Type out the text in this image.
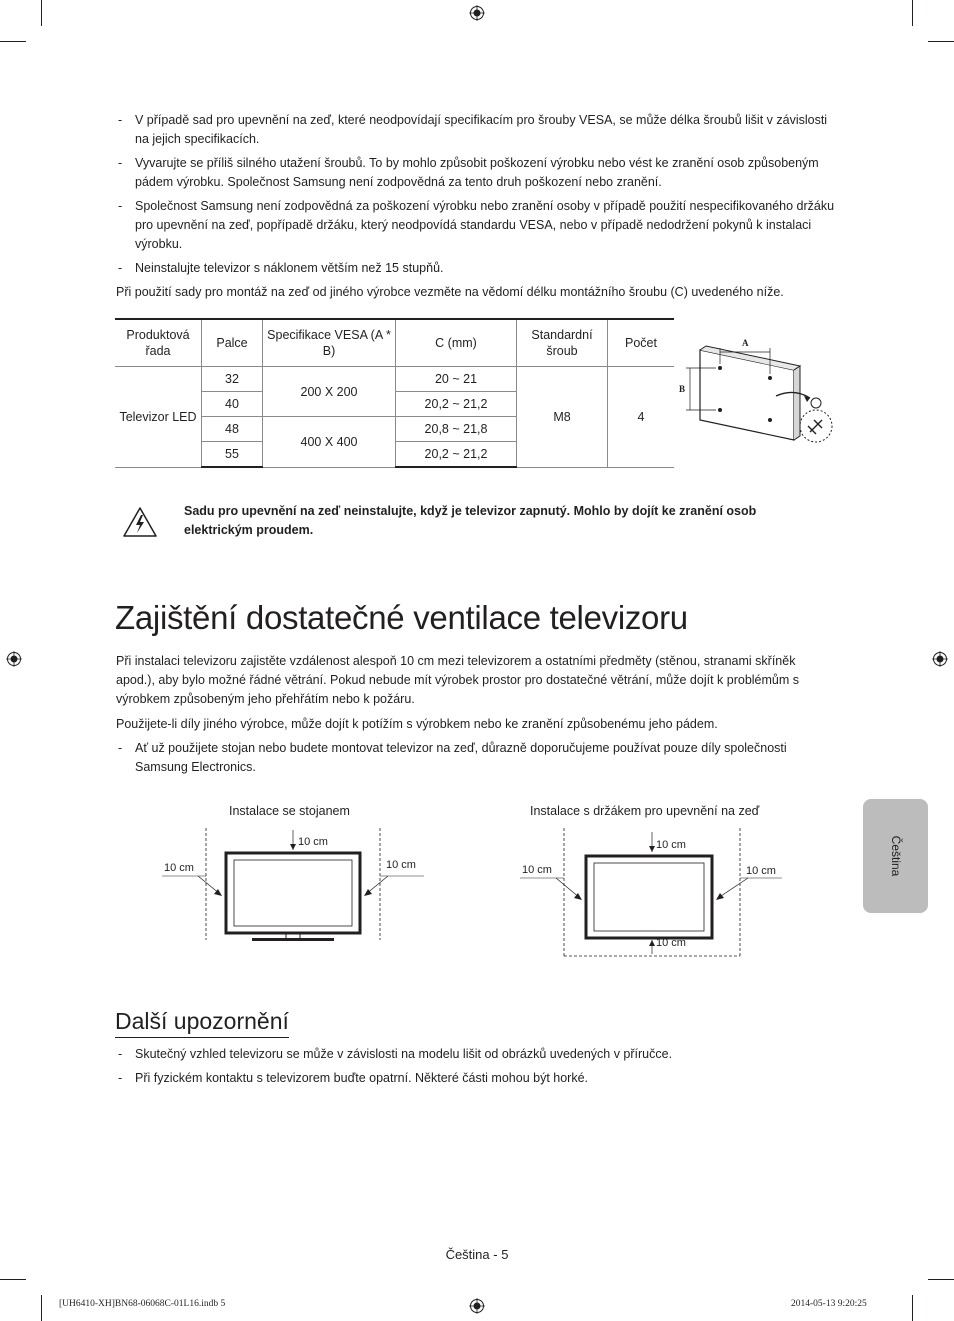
- V případě sad pro upevnění na zeď, které neodpovídají specifikacím pro šrouby VESA, se může délka šroubů lišit v závislosti na jejich specifikacích.
- Vyvarujte se příliš silného utažení šroubů. To by mohlo způsobit poškození výrobku nebo vést ke zranění osob způsobeným pádem výrobku. Společnost Samsung není zodpovědná za tento druh poškození nebo zranění.
- Společnost Samsung není zodpovědná za poškození výrobku nebo zranění osoby v případě použití nespecifikovaného držáku pro upevnění na zeď, popřípadě držáku, který neodpovídá standardu VESA, nebo v případě nedodržení pokynů k instalaci výrobku.
- Neinstalujte televizor s náklonem větším než 15 stupňů.
Při použití sady pro montáž na zeď od jiného výrobce vezměte na vědomí délku montážního šroubu (C) uvedeného níže.
Produktová řada	Palce	Specifikace VESA (A * B)	C (mm)	Standardní šroub	Počet
Televizor LED	32	200 X 200	20 ~ 21	M8	4
	40		20,2 ~ 21,2		
	48	400 X 400	20,8 ~ 21,8		
	55		20,2 ~ 21,2		
A
B
Sadu pro upevnění na zeď neinstalujte, když je televizor zapnutý. Mohlo by dojít ke zranění osob elektrickým proudem.
Zajištění dostatečné ventilace televizoru
Při instalaci televizoru zajistěte vzdálenost alespoň 10 cm mezi televizorem a ostatními předměty (stěnou, stranami skříněk apod.), aby bylo možné řádné větrání. Pokud nebude mít výrobek prostor pro dostatečné větrání, může dojít k problémům s výrobkem způsobeným jeho přehřátím nebo k požáru.
Použijete-li díly jiného výrobce, může dojít k potížím s výrobkem nebo ke zranění způsobenému jeho pádem.
- Ať už použijete stojan nebo budete montovat televizor na zeď, důrazně doporučujeme používat pouze díly společnosti Samsung Electronics.
Instalace se stojanem	Instalace s držákem pro upevnění na zeď
10 cm
10 cm	10 cm
10 cm
10 cm	10 cm
10 cm
Čeština
Další upozornění
- Skutečný vzhled televizoru se může v závislosti na modelu lišit od obrázků uvedených v příručce.
- Při fyzickém kontaktu s televizorem buďte opatrní. Některé části mohou být horké.
Čeština - 5
[UH6410-XH]BN68-06068C-01L16.indb 5	2014-05-13 9:20:25
